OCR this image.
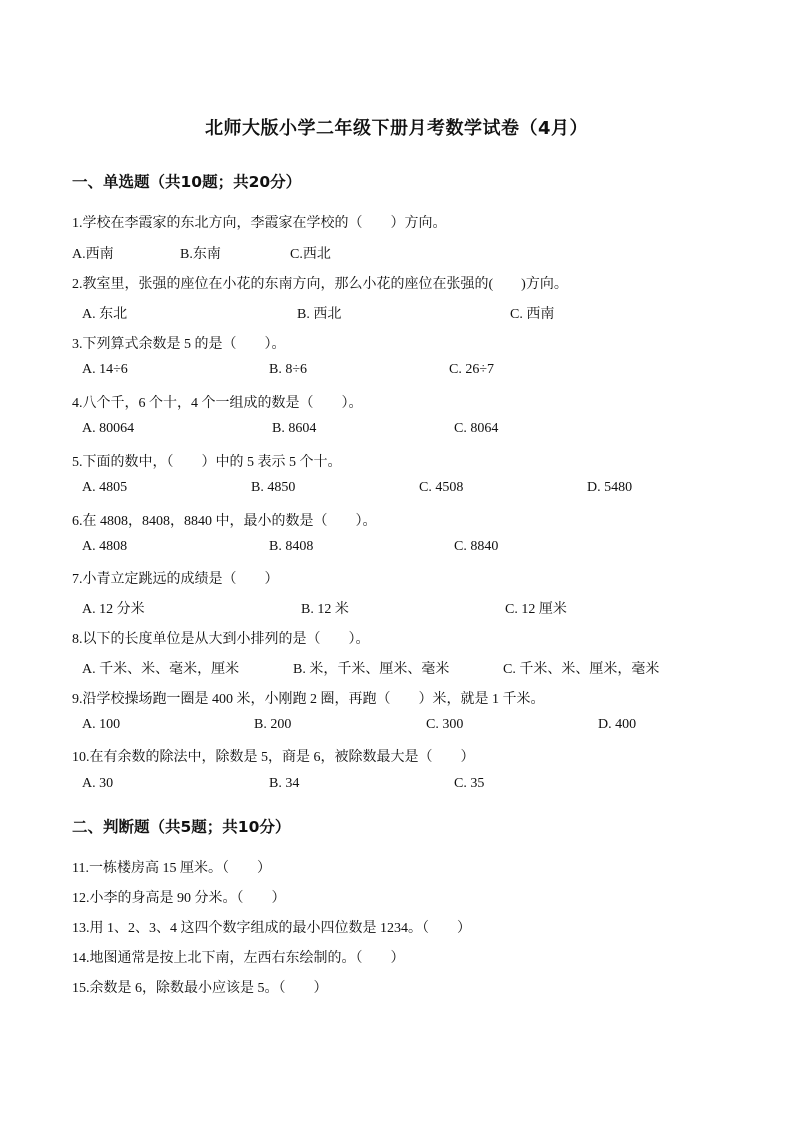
北师大版小学二年级下册月考数学试卷（4月）
一、单选题（共10题；共20分）
1.学校在李霞家的东北方向，李霞家在学校的（　　）方向。
A.西南	B.东南	C.西北
2.教室里，张强的座位在小花的东南方向，那么小花的座位在张强的(　　)方向。
A. 东北	B. 西北	C. 西南
3.下列算式余数是 5 的是（　　）。
A. 14÷6	B. 8÷6	C. 26÷7
4.八个千，6 个十，4 个一组成的数是（　　）。
A. 80064	B. 8604	C. 8064
5.下面的数中，（　　）中的 5 表示 5 个十。
A. 4805	B. 4850	C. 4508	D. 5480
6.在 4808，8408，8840 中，最小的数是（　　）。
A. 4808	B. 8408	C. 8840
7.小青立定跳远的成绩是（　　）
A. 12 分米	B. 12 米	C. 12 厘米
8.以下的长度单位是从大到小排列的是（　　）。
A. 千米、米、毫米，厘米	B. 米，千米、厘米、毫米	C. 千米、米、厘米，毫米
9.沿学校操场跑一圈是 400 米，小刚跑 2 圈，再跑（　　）米，就是 1 千米。
A. 100	B. 200	C. 300	D. 400
10.在有余数的除法中，除数是 5，商是 6，被除数最大是（　　）
A. 30	B. 34	C. 35
二、判断题（共5题；共10分）
11.一栋楼房高 15 厘米。（　　）
12.小李的身高是 90 分米。（　　）
13.用 1、2、3、4 这四个数字组成的最小四位数是 1234。（　　）
14.地图通常是按上北下南，左西右东绘制的。（　　）
15.余数是 6，除数最小应该是 5。（　　）
